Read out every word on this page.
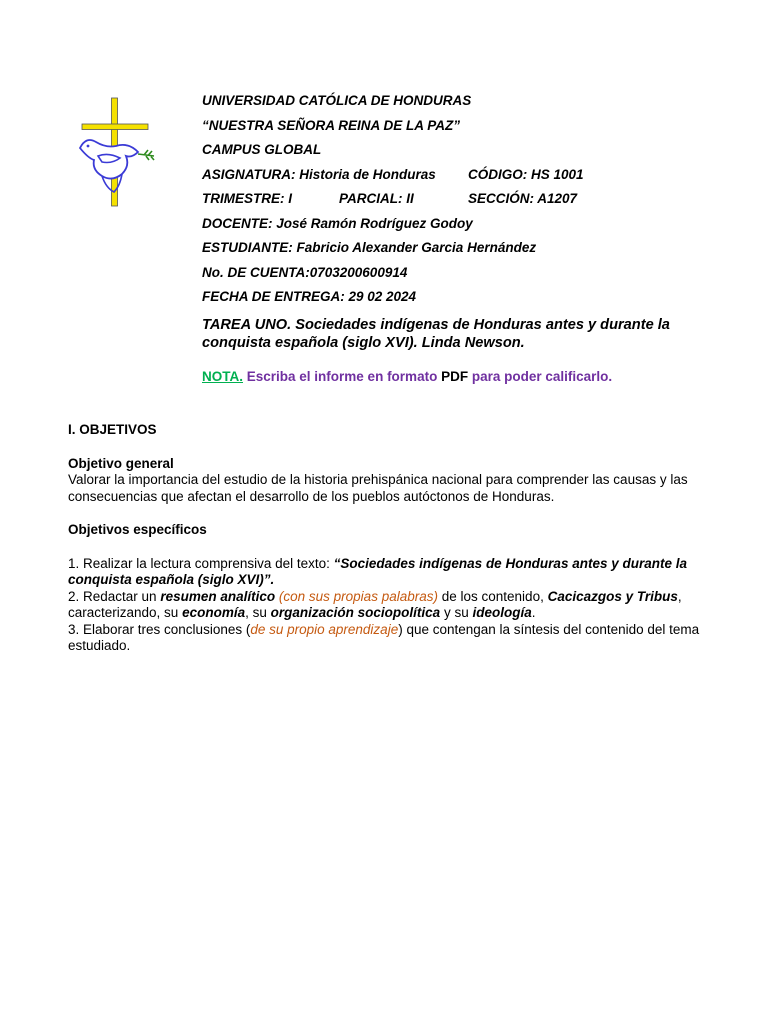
UNIVERSIDAD CATÓLICA DE HONDURAS
“NUESTRA SEÑORA REINA DE LA PAZ”
CAMPUS GLOBAL
ASIGNATURA: Historia de Honduras CÓDIGO: HS 1001
TRIMESTRE: I	PARCIAL: II	SECCIÓN: A1207
DOCENTE: José Ramón Rodríguez Godoy
ESTUDIANTE: Fabricio Alexander Garcia Hernández
No. DE CUENTA:0703200600914
FECHA DE ENTREGA: 29 02 2024
TAREA UNO. Sociedades indígenas de Honduras antes y durante la conquista española (siglo XVI). Linda Newson.
NOTA. Escriba el informe en formato PDF para poder calificarlo.
I. OBJETIVOS
Objetivo general
Valorar la importancia del estudio de la historia prehispánica nacional para comprender las causas y las consecuencias que afectan el desarrollo de los pueblos autóctonos de Honduras.
Objetivos específicos
1. Realizar la lectura comprensiva del texto: “Sociedades indígenas de Honduras antes y durante la conquista española (siglo XVI)”.
2. Redactar un resumen analítico (con sus propias palabras) de los contenido, Cacicazgos y Tribus, caracterizando, su economía, su organización sociopolítica y su ideología.
3. Elaborar tres conclusiones (de su propio aprendizaje) que contengan la síntesis del contenido del tema estudiado.
